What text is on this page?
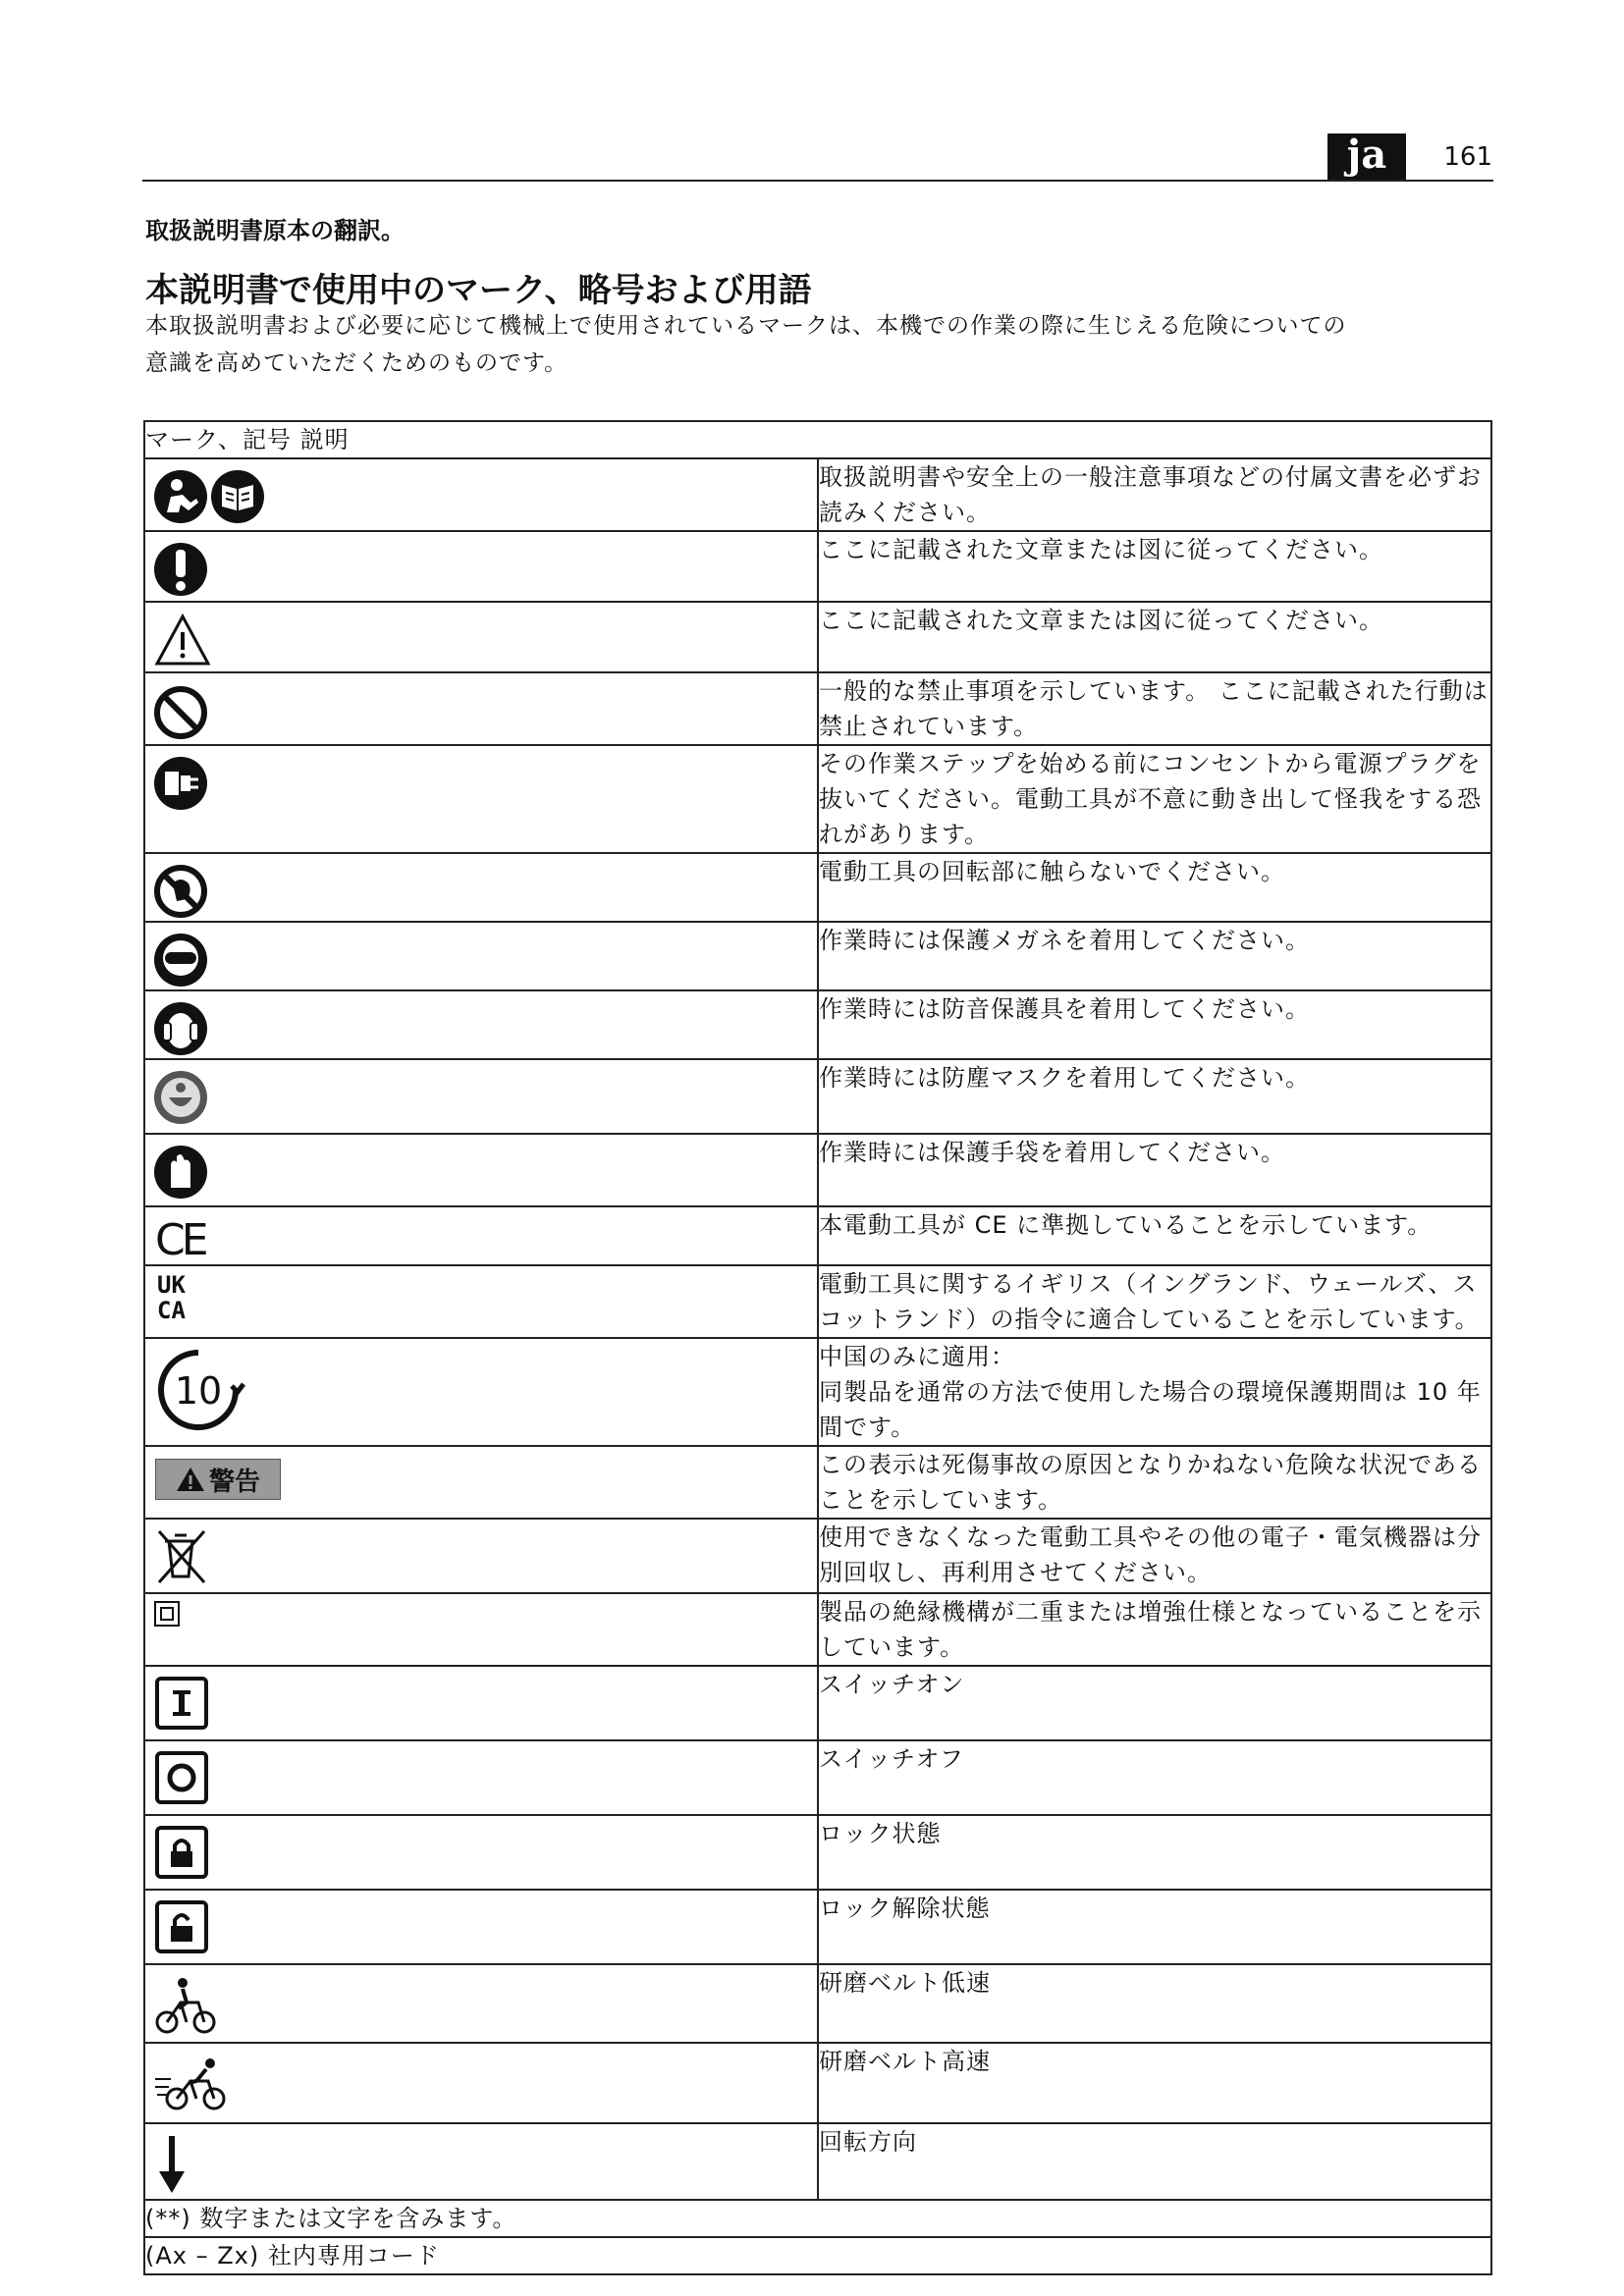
ja	161
取扱説明書原本の翻訳。
本説明書で使用中のマーク、略号および用語
本取扱説明書および必要に応じて機械上で使用されているマークは、本機での作業の際に生じえる危険についての
意識を高めていただくためのものです。
マーク、記号 説明	

	取扱説明書や安全上の一般注意事項などの付属文書を必ずお読みください。

	ここに記載された文章または図に従ってください。

	ここに記載された文章または図に従ってください。

	一般的な禁止事項を示しています。 ここに記載された行動は禁止されています。

	その作業ステップを始める前にコンセントから電源プラグを抜いてください。電動工具が不意に動き出して怪我をする恐れがあります。

	電動工具の回転部に触らないでください。

	作業時には保護メガネを着用してください。

	作業時には防音保護具を着用してください。

	作業時には防塵マスクを着用してください。

	作業時には保護手袋を着用してください。

CE	本電動工具が CE に準拠していることを示しています。

UK
CA	電動工具に関するイギリス（イングランド、ウェールズ、スコットランド）の指令に適合していることを示しています。

10	中国のみに適用：
同製品を通常の方法で使用した場合の環境保護期間は 10 年間です。

警告	この表示は死傷事故の原因となりかねない危険な状況であることを示しています。

	使用できなくなった電動工具やその他の電子・電気機器は分別回収し、再利用させてください。

	製品の絶縁機構が二重または増強仕様となっていることを示しています。

	スイッチオン

	スイッチオフ

	ロック状態

	ロック解除状態

	研磨ベルト低速

	研磨ベルト高速

	回転方向
(**) 数字または文字を含みます。	
(Ax – Zx) 社内専用コード	
